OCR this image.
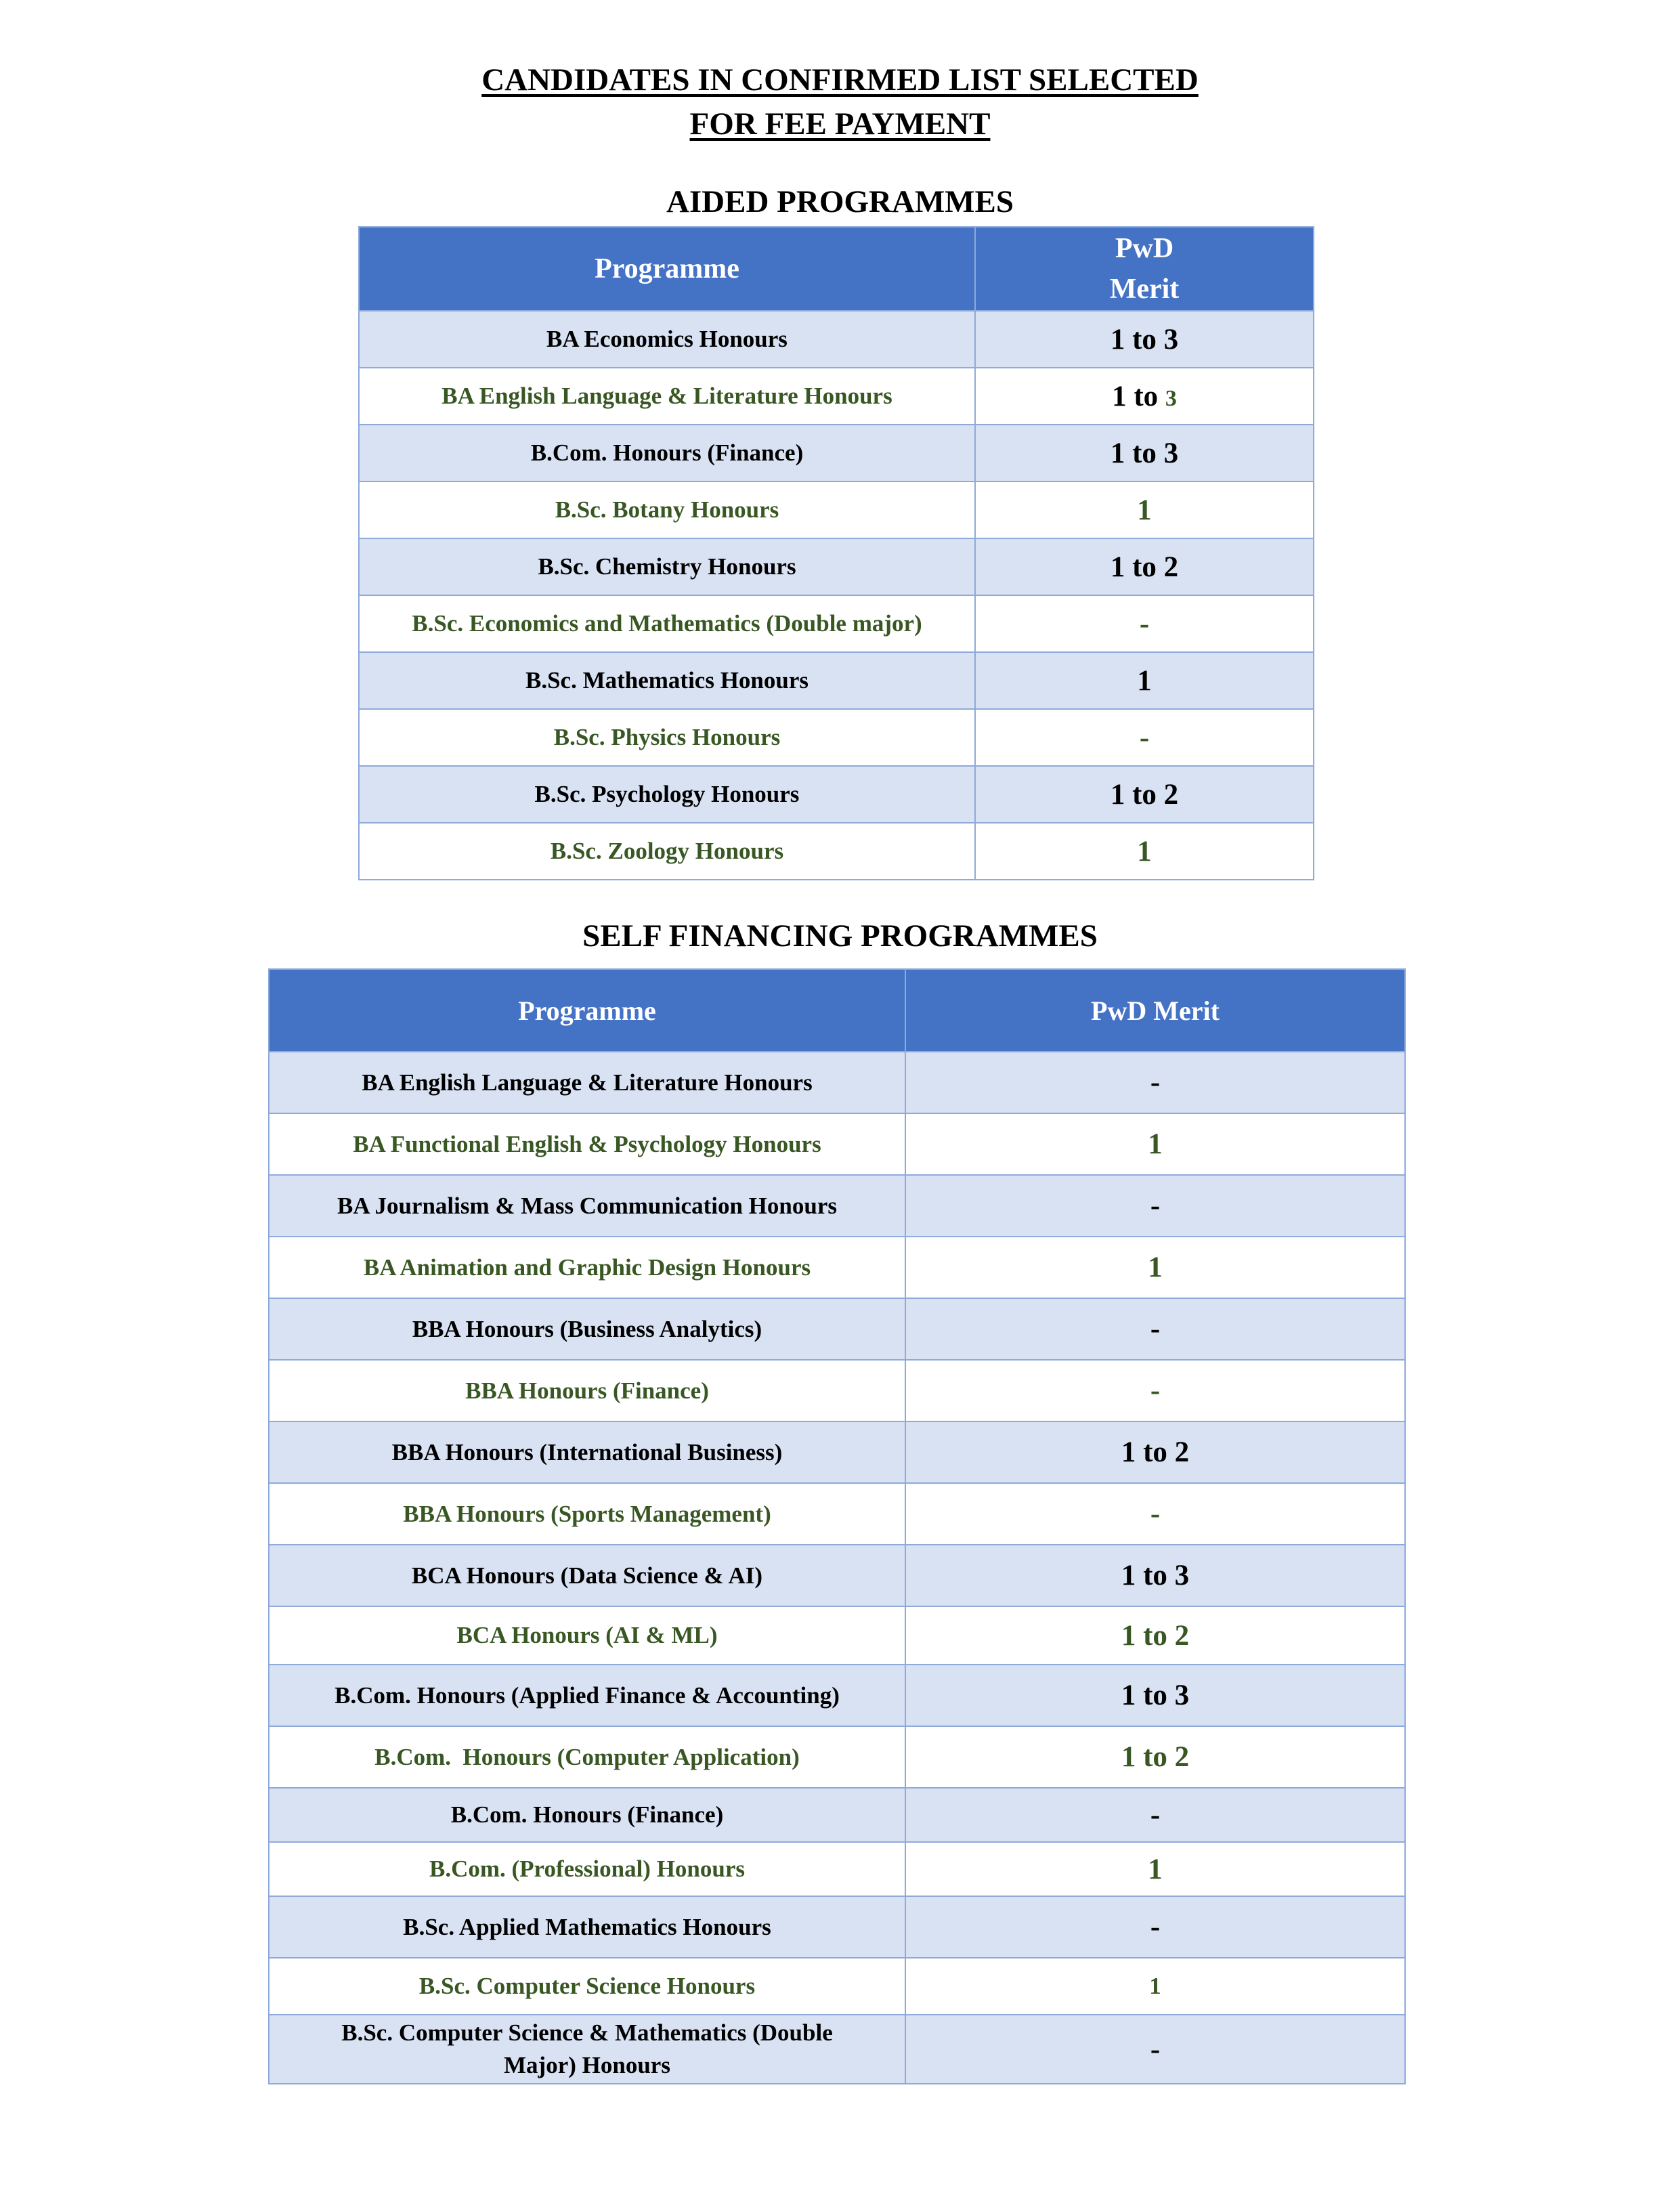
CANDIDATES IN CONFIRMED LIST SELECTED
FOR FEE PAYMENT
AIDED PROGRAMMES
Programme	PwD
Merit

BA Economics Honours	1 to 3
BA English Language & Literature Honours	1 to 3
B.Com. Honours (Finance)	1 to 3
B.Sc. Botany Honours	1
B.Sc. Chemistry Honours	1 to 2
B.Sc. Economics and Mathematics (Double major)	-
B.Sc. Mathematics Honours	1
B.Sc. Physics Honours	-
B.Sc. Psychology Honours	1 to 2
B.Sc. Zoology Honours	1
SELF FINANCING PROGRAMMES
Programme	PwD Merit
BA English Language & Literature Honours	-
BA Functional English & Psychology Honours	1
BA Journalism & Mass Communication Honours	-
BA Animation and Graphic Design Honours	1
BBA Honours (Business Analytics)	-
BBA Honours (Finance)	-
BBA Honours (International Business)	1 to 2
BBA Honours (Sports Management)	-
BCA Honours (Data Science & AI)	1 to 3
BCA Honours (AI & ML)	1 to 2
B.Com. Honours (Applied Finance & Accounting)	1 to 3
B.Com.  Honours (Computer Application)	1 to 2
B.Com. Honours (Finance)	-
B.Com. (Professional) Honours	1
B.Sc. Applied Mathematics Honours	-
B.Sc. Computer Science Honours	1

B.Sc. Computer Science & Mathematics (Double
Major) Honours	-
